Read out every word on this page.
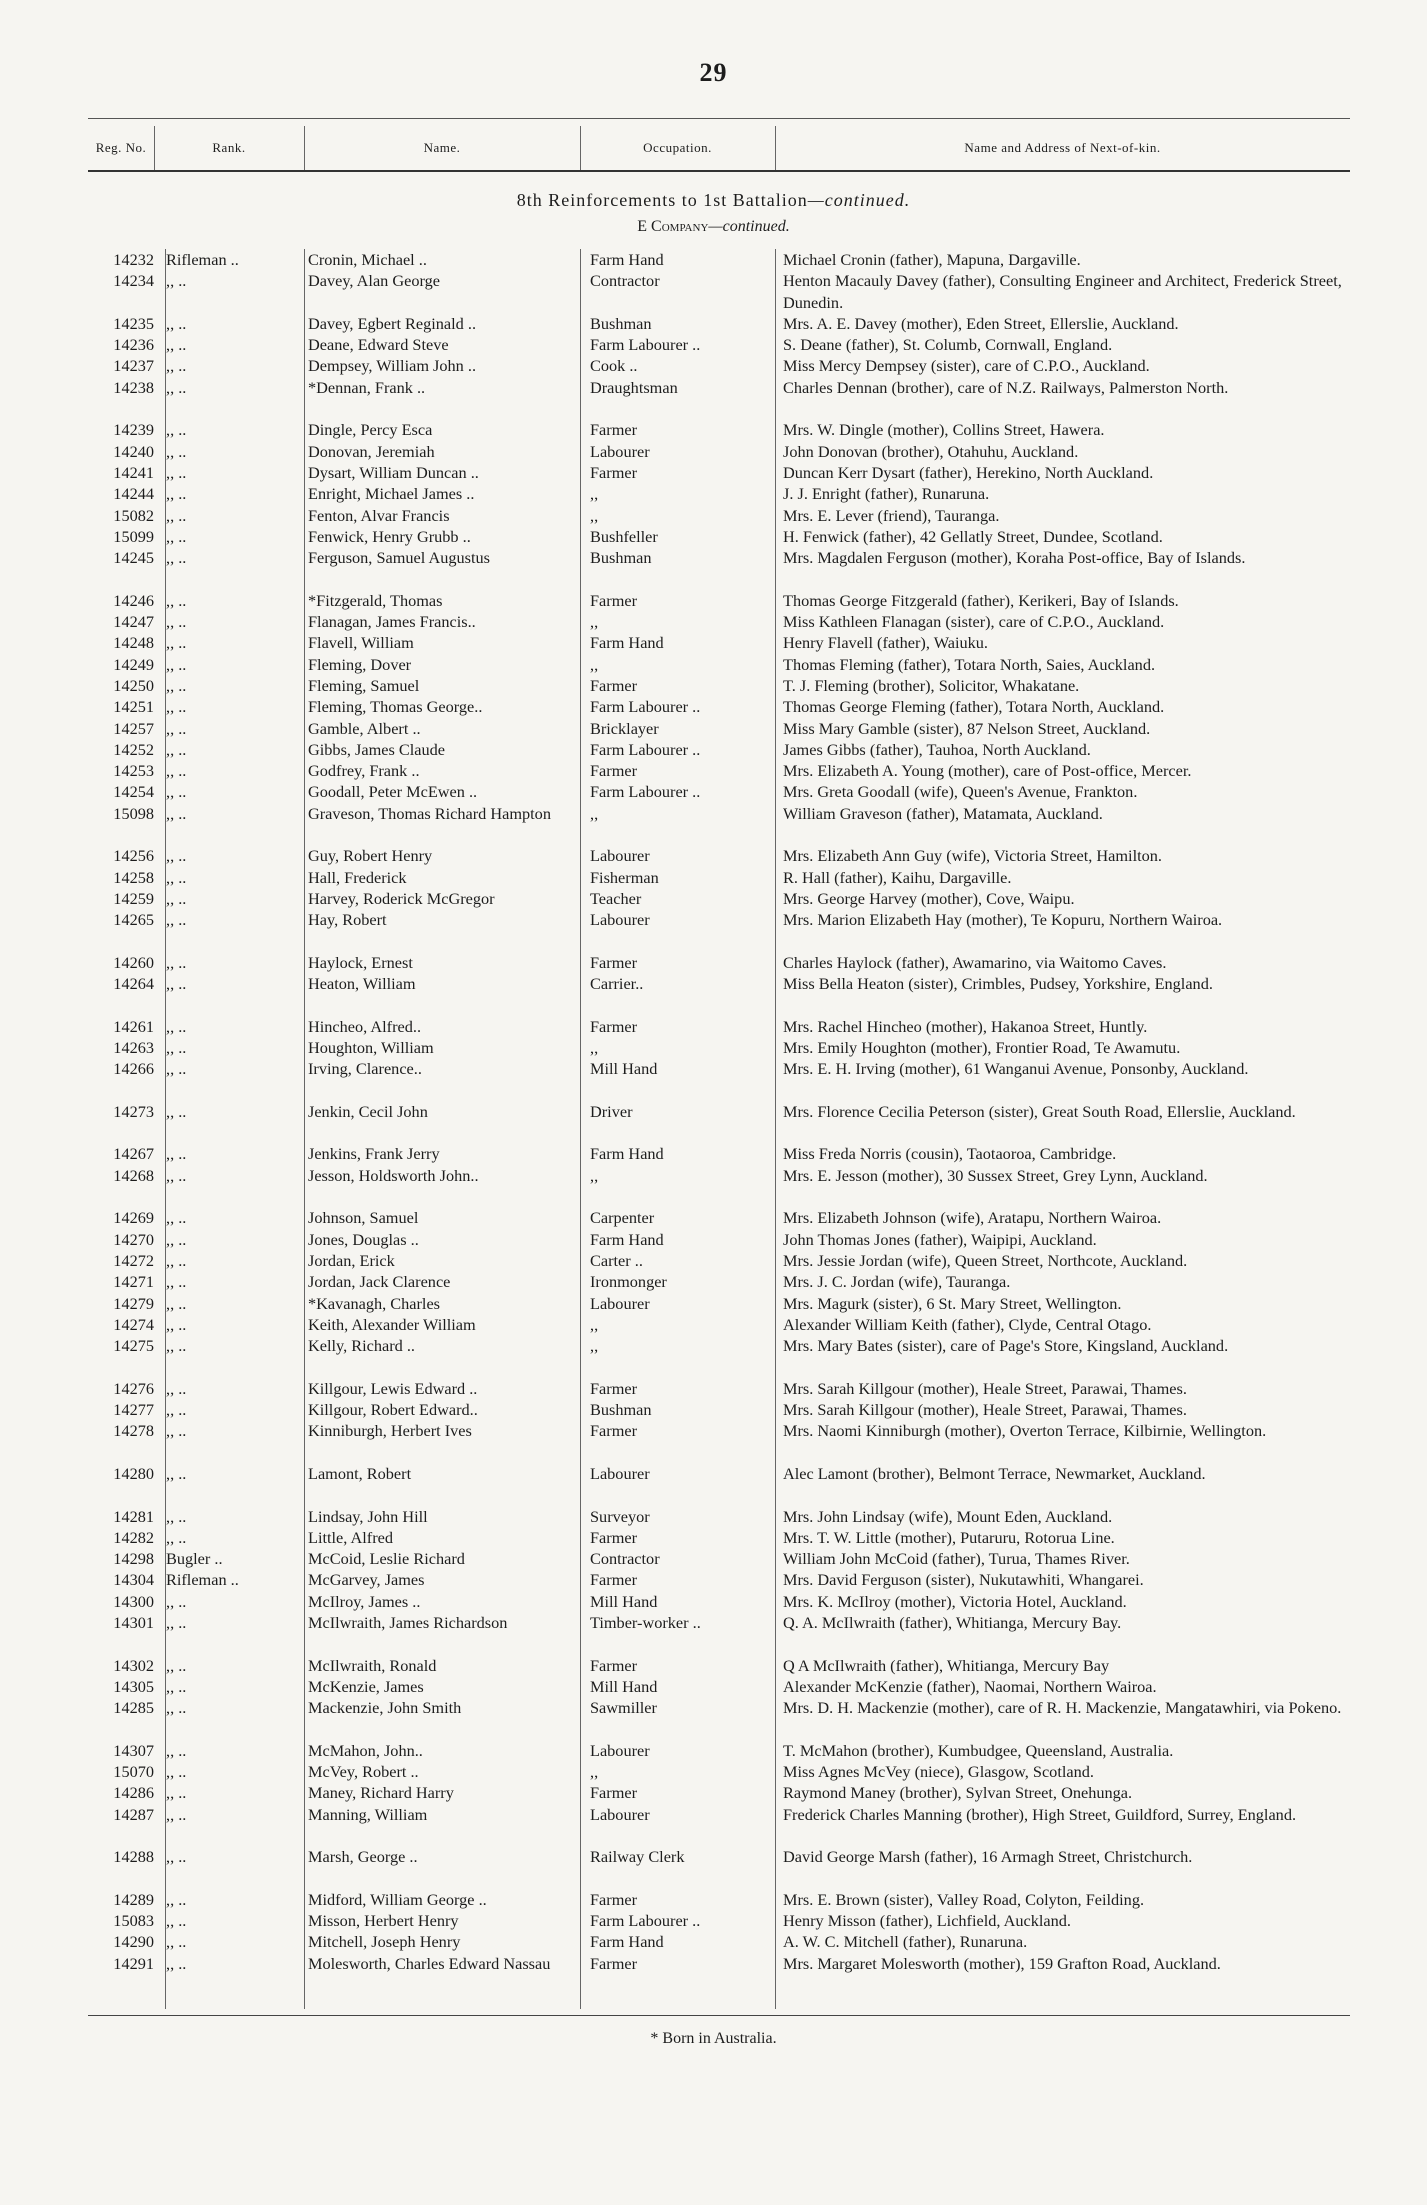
29
Reg. No.	Rank.	Name.	Occupation.	Name and Address of Next-of-kin.
8th Reinforcements to 1st Battalion—continued.
E Company—continued.
14232 Rifleman ..	Cronin, Michael ..	Farm Hand	Michael Cronin (father), Mapuna, Dargaville.
14234 ,, ..	Davey, Alan George	Contractor	Henton Macauly Davey (father), Consulting Engineer and Architect, Frederick Street, Dunedin.
14235 ,, ..	Davey, Egbert Reginald ..	Bushman	Mrs. A. E. Davey (mother), Eden Street, Ellerslie, Auckland.
14236 ,, ..	Deane, Edward Steve	Farm Labourer ..	S. Deane (father), St. Columb, Cornwall, England.
14237 ,, ..	Dempsey, William John ..	Cook ..	Miss Mercy Dempsey (sister), care of C.P.O., Auckland.
14238 ,, ..	*Dennan, Frank ..	Draughtsman	Charles Dennan (brother), care of N.Z. Railways, Palmerston North.
14239 ,, ..	Dingle, Percy Esca	Farmer	Mrs. W. Dingle (mother), Collins Street, Hawera.
14240 ,, ..	Donovan, Jeremiah	Labourer	John Donovan (brother), Otahuhu, Auckland.
14241 ,, ..	Dysart, William Duncan ..	Farmer	Duncan Kerr Dysart (father), Herekino, North Auckland.
14244 ,, ..	Enright, Michael James ..	,,	J. J. Enright (father), Runaruna.
15082 ,, ..	Fenton, Alvar Francis	,,	Mrs. E. Lever (friend), Tauranga.
15099 ,, ..	Fenwick, Henry Grubb ..	Bushfeller	H. Fenwick (father), 42 Gellatly Street, Dundee, Scotland.
14245 ,, ..	Ferguson, Samuel Augustus	Bushman	Mrs. Magdalen Ferguson (mother), Koraha Post-office, Bay of Islands.
14246 ,, ..	*Fitzgerald, Thomas	Farmer	Thomas George Fitzgerald (father), Kerikeri, Bay of Islands.
14247 ,, ..	Flanagan, James Francis..	,,	Miss Kathleen Flanagan (sister), care of C.P.O., Auckland.
14248 ,, ..	Flavell, William	Farm Hand	Henry Flavell (father), Waiuku.
14249 ,, ..	Fleming, Dover	,,	Thomas Fleming (father), Totara North, Saies, Auckland.
14250 ,, ..	Fleming, Samuel	Farmer	T. J. Fleming (brother), Solicitor, Whakatane.
14251 ,, ..	Fleming, Thomas George..	Farm Labourer ..	Thomas George Fleming (father), Totara North, Auckland.
14257 ,, ..	Gamble, Albert ..	Bricklayer	Miss Mary Gamble (sister), 87 Nelson Street, Auckland.
14252 ,, ..	Gibbs, James Claude	Farm Labourer ..	James Gibbs (father), Tauhoa, North Auckland.
14253 ,, ..	Godfrey, Frank ..	Farmer	Mrs. Elizabeth A. Young (mother), care of Post-office, Mercer.
14254 ,, ..	Goodall, Peter McEwen ..	Farm Labourer ..	Mrs. Greta Goodall (wife), Queen's Avenue, Frankton.
15098 ,, ..	Graveson, Thomas Richard Hampton	,,	William Graveson (father), Matamata, Auckland.
14256 ,, ..	Guy, Robert Henry	Labourer	Mrs. Elizabeth Ann Guy (wife), Victoria Street, Hamilton.
14258 ,, ..	Hall, Frederick	Fisherman	R. Hall (father), Kaihu, Dargaville.
14259 ,, ..	Harvey, Roderick McGregor	Teacher	Mrs. George Harvey (mother), Cove, Waipu.
14265 ,, ..	Hay, Robert	Labourer	Mrs. Marion Elizabeth Hay (mother), Te Kopuru, Northern Wairoa.
14260 ,, ..	Haylock, Ernest	Farmer	Charles Haylock (father), Awamarino, via Waitomo Caves.
14264 ,, ..	Heaton, William	Carrier..	Miss Bella Heaton (sister), Crimbles, Pudsey, Yorkshire, England.
14261 ,, ..	Hincheo, Alfred..	Farmer	Mrs. Rachel Hincheo (mother), Hakanoa Street, Huntly.
14263 ,, ..	Houghton, William	,,	Mrs. Emily Houghton (mother), Frontier Road, Te Awamutu.
14266 ,, ..	Irving, Clarence..	Mill Hand	Mrs. E. H. Irving (mother), 61 Wanganui Avenue, Ponsonby, Auckland.
14273 ,, ..	Jenkin, Cecil John	Driver	Mrs. Florence Cecilia Peterson (sister), Great South Road, Ellerslie, Auckland.
14267 ,, ..	Jenkins, Frank Jerry	Farm Hand	Miss Freda Norris (cousin), Taotaoroa, Cambridge.
14268 ,, ..	Jesson, Holdsworth John..	,,	Mrs. E. Jesson (mother), 30 Sussex Street, Grey Lynn, Auckland.
14269 ,, ..	Johnson, Samuel	Carpenter	Mrs. Elizabeth Johnson (wife), Aratapu, Northern Wairoa.
14270 ,, ..	Jones, Douglas ..	Farm Hand	John Thomas Jones (father), Waipipi, Auckland.
14272 ,, ..	Jordan, Erick	Carter ..	Mrs. Jessie Jordan (wife), Queen Street, Northcote, Auckland.
14271 ,, ..	Jordan, Jack Clarence	Ironmonger	Mrs. J. C. Jordan (wife), Tauranga.
14279 ,, ..	*Kavanagh, Charles	Labourer	Mrs. Magurk (sister), 6 St. Mary Street, Wellington.
14274 ,, ..	Keith, Alexander William	,,	Alexander William Keith (father), Clyde, Central Otago.
14275 ,, ..	Kelly, Richard ..	,,	Mrs. Mary Bates (sister), care of Page's Store, Kingsland, Auckland.
14276 ,, ..	Killgour, Lewis Edward ..	Farmer	Mrs. Sarah Killgour (mother), Heale Street, Parawai, Thames.
14277 ,, ..	Killgour, Robert Edward..	Bushman	Mrs. Sarah Killgour (mother), Heale Street, Parawai, Thames.
14278 ,, ..	Kinniburgh, Herbert Ives	Farmer	Mrs. Naomi Kinniburgh (mother), Overton Terrace, Kilbirnie, Wellington.
14280 ,, ..	Lamont, Robert	Labourer	Alec Lamont (brother), Belmont Terrace, Newmarket, Auckland.
14281 ,, ..	Lindsay, John Hill	Surveyor	Mrs. John Lindsay (wife), Mount Eden, Auckland.
14282 ,, ..	Little, Alfred	Farmer	Mrs. T. W. Little (mother), Putaruru, Rotorua Line.
14298 Bugler ..	McCoid, Leslie Richard	Contractor	William John McCoid (father), Turua, Thames River.
14304 Rifleman ..	McGarvey, James	Farmer	Mrs. David Ferguson (sister), Nukutawhiti, Whangarei.
14300 ,, ..	McIlroy, James ..	Mill Hand	Mrs. K. McIlroy (mother), Victoria Hotel, Auckland.
14301 ,, ..	McIlwraith, James Richardson	Timber-worker ..	Q. A. McIlwraith (father), Whitianga, Mercury Bay.
14302 ,, ..	McIlwraith, Ronald	Farmer	Q A McIlwraith (father), Whitianga, Mercury Bay
14305 ,, ..	McKenzie, James	Mill Hand	Alexander McKenzie (father), Naomai, Northern Wairoa.
14285 ,, ..	Mackenzie, John Smith	Sawmiller	Mrs. D. H. Mackenzie (mother), care of R. H. Mackenzie, Mangatawhiri, via Pokeno.
14307 ,, ..	McMahon, John..	Labourer	T. McMahon (brother), Kumbudgee, Queensland, Australia.
15070 ,, ..	McVey, Robert ..	,,	Miss Agnes McVey (niece), Glasgow, Scotland.
14286 ,, ..	Maney, Richard Harry	Farmer	Raymond Maney (brother), Sylvan Street, Onehunga.
14287 ,, ..	Manning, William	Labourer	Frederick Charles Manning (brother), High Street, Guildford, Surrey, England.
14288 ,, ..	Marsh, George ..	Railway Clerk	David George Marsh (father), 16 Armagh Street, Christchurch.
14289 ,, ..	Midford, William George ..	Farmer	Mrs. E. Brown (sister), Valley Road, Colyton, Feilding.
15083 ,, ..	Misson, Herbert Henry	Farm Labourer ..	Henry Misson (father), Lichfield, Auckland.
14290 ,, ..	Mitchell, Joseph Henry	Farm Hand	A. W. C. Mitchell (father), Runaruna.
14291 ,, ..	Molesworth, Charles Edward Nassau	Farmer	Mrs. Margaret Molesworth (mother), 159 Grafton Road, Auckland.
* Born in Australia.
